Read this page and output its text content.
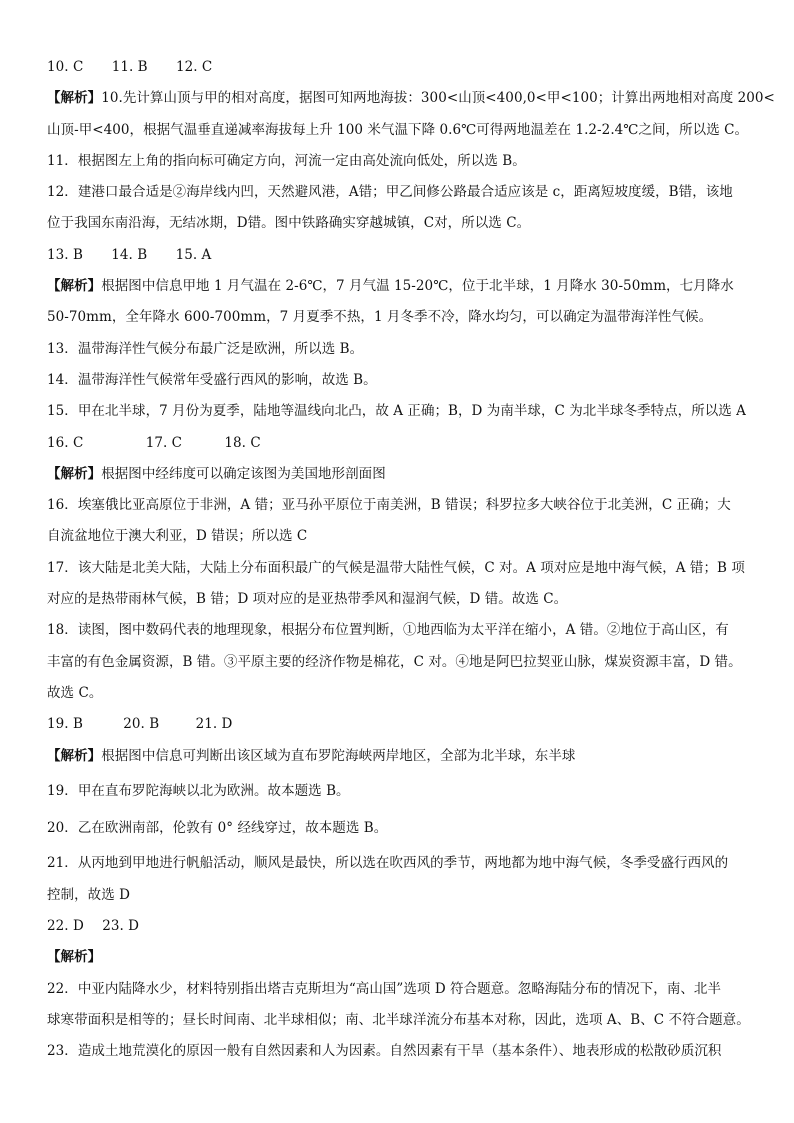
10. C 11. B 12. C
【解析】10.先计算山顶与甲的相对高度，据图可知两地海拔：300<山顶<400,0<甲<100；计算出两地相对高度 200<
山顶-甲<400，根据气温垂直递减率海拔每上升 100 米气温下降 0.6℃可得两地温差在 1.2-2.4℃之间，所以选 C。
11．根据图左上角的指向标可确定方向，河流一定由高处流向低处，所以选 B。
12．建港口最合适是②海岸线内凹，天然避风港，A错；甲乙间修公路最合适应该是 c，距离短坡度缓，B错，该地
位于我国东南沿海，无结冰期，D错。图中铁路确实穿越城镇，C对，所以选 C。
13. B 14. B 15. A
【解析】根据图中信息甲地 1 月气温在 2-6℃，7 月气温 15-20℃，位于北半球，1 月降水 30-50mm，七月降水
50-70mm，全年降水 600-700mm，7 月夏季不热，1 月冬季不冷，降水均匀，可以确定为温带海洋性气候。
13．温带海洋性气候分布最广泛是欧洲，所以选 B。
14．温带海洋性气候常年受盛行西风的影响，故选 B。
15．甲在北半球，7 月份为夏季，陆地等温线向北凸，故 A 正确；B，D 为南半球，C 为北半球冬季特点，所以选 A
16. C	17. C	18. C
【解析】根据图中经纬度可以确定该图为美国地形剖面图
16．埃塞俄比亚高原位于非洲，A 错；亚马孙平原位于南美洲，B 错误；科罗拉多大峡谷位于北美洲，C 正确；大
自流盆地位于澳大利亚，D 错误；所以选 C
17．该大陆是北美大陆，大陆上分布面积最广的气候是温带大陆性气候，C 对。A 项对应是地中海气候，A 错；B 项
对应的是热带雨林气候，B 错；D 项对应的是亚热带季风和湿润气候，D 错。故选 C。
18．读图，图中数码代表的地理现象，根据分布位置判断，①地西临为太平洋在缩小，A 错。②地位于高山区，有
丰富的有色金属资源，B 错。③平原主要的经济作物是棉花，C 对。④地是阿巴拉契亚山脉，煤炭资源丰富，D 错。
故选 C。
19. B	20. B	21. D
【解析】根据图中信息可判断出该区域为直布罗陀海峡两岸地区，全部为北半球，东半球
19．甲在直布罗陀海峡以北为欧洲。故本题选 B。
20．乙在欧洲南部，伦敦有 0° 经线穿过，故本题选 B。
21．从丙地到甲地进行帆船活动，顺风是最快，所以选在吹西风的季节，两地都为地中海气候，冬季受盛行西风的
控制，故选 D
22. D 23. D
【解析】
22．中亚内陆降水少，材料特别指出塔吉克斯坦为“高山国”选项 D 符合题意。忽略海陆分布的情况下，南、北半
球寒带面积是相等的；昼长时间南、北半球相似；南、北半球洋流分布基本对称，因此，选项 A、B、C 不符合题意。
23．造成土地荒漠化的原因一般有自然因素和人为因素。自然因素有干旱（基本条件）、地表形成的松散砂质沉积
